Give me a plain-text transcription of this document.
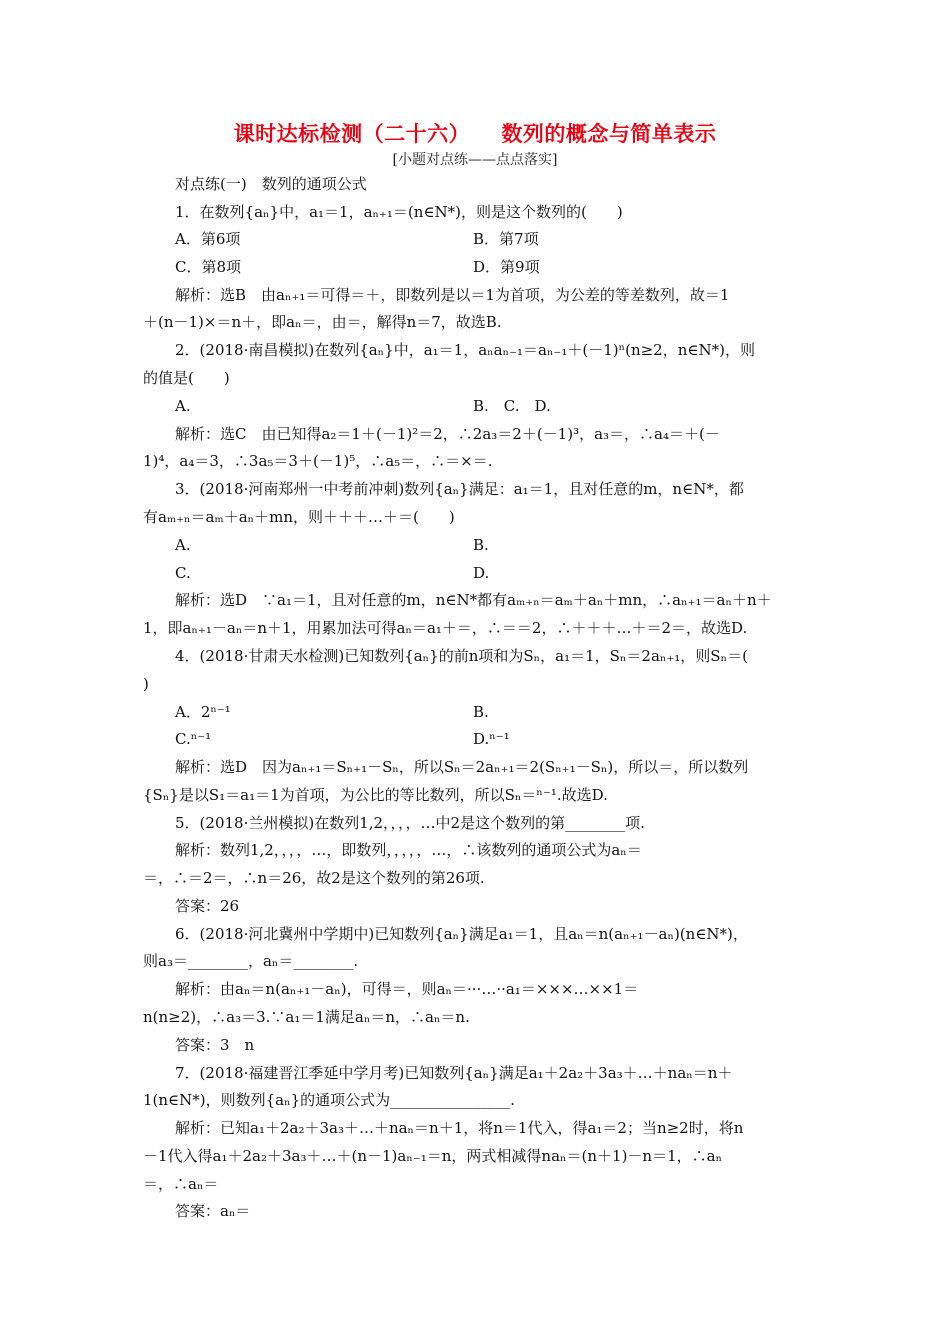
课时达标检测（二十六）    数列的概念与简单表示
[小题对点练——点点落实]
对点练(一)　数列的通项公式
1．在数列{aₙ}中，a₁＝1，aₙ₊₁＝(n∈N*)，则是这个数列的(　　)
A．第6项	B．第7项
C．第8项	D．第9项
解析：选B　由aₙ₊₁＝可得＝＋，即数列是以＝1为首项，为公差的等差数列，故＝1
＋(n－1)×＝n＋，即aₙ＝，由＝，解得n＝7，故选B.
2．(2018·南昌模拟)在数列{aₙ}中，a₁＝1，aₙaₙ₋₁＝aₙ₋₁＋(－1)ⁿ(n≥2，n∈N*)，则
的值是(　　)
A.	B.　C.　D.
解析：选C　由已知得a₂＝1＋(－1)²＝2，∴2a₃＝2＋(－1)³，a₃＝，∴a₄＝＋(－
1)⁴，a₄＝3，∴3a₅＝3＋(－1)⁵，∴a₅＝，∴＝×＝.
3．(2018·河南郑州一中考前冲刺)数列{aₙ}满足：a₁＝1，且对任意的m，n∈N*，都
有aₘ₊ₙ＝aₘ＋aₙ＋mn，则＋＋＋…＋＝(　　)
A.	B.
C.	D.
解析：选D　∵a₁＝1，且对任意的m，n∈N*都有aₘ₊ₙ＝aₘ＋aₙ＋mn，∴aₙ₊₁＝aₙ＋n＋
1，即aₙ₊₁－aₙ＝n＋1，用累加法可得aₙ＝a₁＋＝，∴＝＝2，∴＋＋＋…＋＝2＝，故选D.
4．(2018·甘肃天水检测)已知数列{aₙ}的前n项和为Sₙ，a₁＝1，Sₙ＝2aₙ₊₁，则Sₙ＝(
)
A．2ⁿ⁻¹	B.
C.ⁿ⁻¹	D.ⁿ⁻¹
解析：选D　因为aₙ₊₁＝Sₙ₊₁－Sₙ，所以Sₙ＝2aₙ₊₁＝2(Sₙ₊₁－Sₙ)，所以＝，所以数列
{Sₙ}是以S₁＝a₁＝1为首项，为公比的等比数列，所以Sₙ＝ⁿ⁻¹.故选D.
5．(2018·兰州模拟)在数列1,2，，，，…中2是这个数列的第________项.
解析：数列1,2，，，，…，即数列，，，，，…，∴该数列的通项公式为aₙ＝
＝，∴＝2＝，∴n＝26，故2是这个数列的第26项.
答案：26
6．(2018·河北冀州中学期中)已知数列{aₙ}满足a₁＝1，且aₙ＝n(aₙ₊₁－aₙ)(n∈N*)，
则a₃＝________，aₙ＝________.
解析：由aₙ＝n(aₙ₊₁－aₙ)，可得＝，则aₙ＝···…··a₁＝×××…××1＝
n(n≥2)，∴a₃＝3.∵a₁＝1满足aₙ＝n，∴aₙ＝n.
答案：3　n
7．(2018·福建晋江季延中学月考)已知数列{aₙ}满足a₁＋2a₂＋3a₃＋…＋naₙ＝n＋
1(n∈N*)，则数列{aₙ}的通项公式为________________.
解析：已知a₁＋2a₂＋3a₃＋…＋naₙ＝n＋1，将n＝1代入，得a₁＝2；当n≥2时，将n
－1代入得a₁＋2a₂＋3a₃＋…＋(n－1)aₙ₋₁＝n，两式相减得naₙ＝(n＋1)－n＝1，∴aₙ
＝，∴aₙ＝
答案：aₙ＝
